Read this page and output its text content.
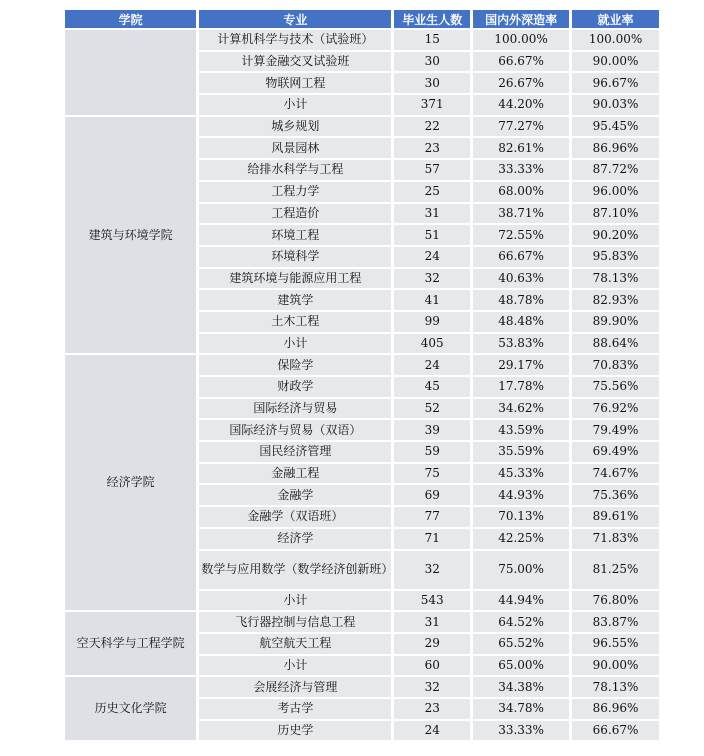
学院	专业	毕业生人数	国内外深造率	就业率
	计算机科学与技术（试验班）	15	100.00%	100.00%
	计算金融交叉试验班	30	66.67%	90.00%
	物联网工程	30	26.67%	96.67%
	小计	371	44.20%	90.03%
建筑与环境学院	城乡规划	22	77.27%	95.45%
	风景园林	23	82.61%	86.96%
	给排水科学与工程	57	33.33%	87.72%
	工程力学	25	68.00%	96.00%
	工程造价	31	38.71%	87.10%
	环境工程	51	72.55%	90.20%
	环境科学	24	66.67%	95.83%
	建筑环境与能源应用工程	32	40.63%	78.13%
	建筑学	41	48.78%	82.93%
	土木工程	99	48.48%	89.90%
	小计	405	53.83%	88.64%
经济学院	保险学	24	29.17%	70.83%
	财政学	45	17.78%	75.56%
	国际经济与贸易	52	34.62%	76.92%
	国际经济与贸易（双语）	39	43.59%	79.49%
	国民经济管理	59	35.59%	69.49%
	金融工程	75	45.33%	74.67%
	金融学	69	44.93%	75.36%
	金融学（双语班）	77	70.13%	89.61%
	经济学	71	42.25%	71.83%
	数学与应用数学（数学经济创新班）	32	75.00%	81.25%
	小计	543	44.94%	76.80%
空天科学与工程学院	飞行器控制与信息工程	31	64.52%	83.87%
	航空航天工程	29	65.52%	96.55%
	小计	60	65.00%	90.00%
历史文化学院	会展经济与管理	32	34.38%	78.13%
	考古学	23	34.78%	86.96%
	历史学	24	33.33%	66.67%
